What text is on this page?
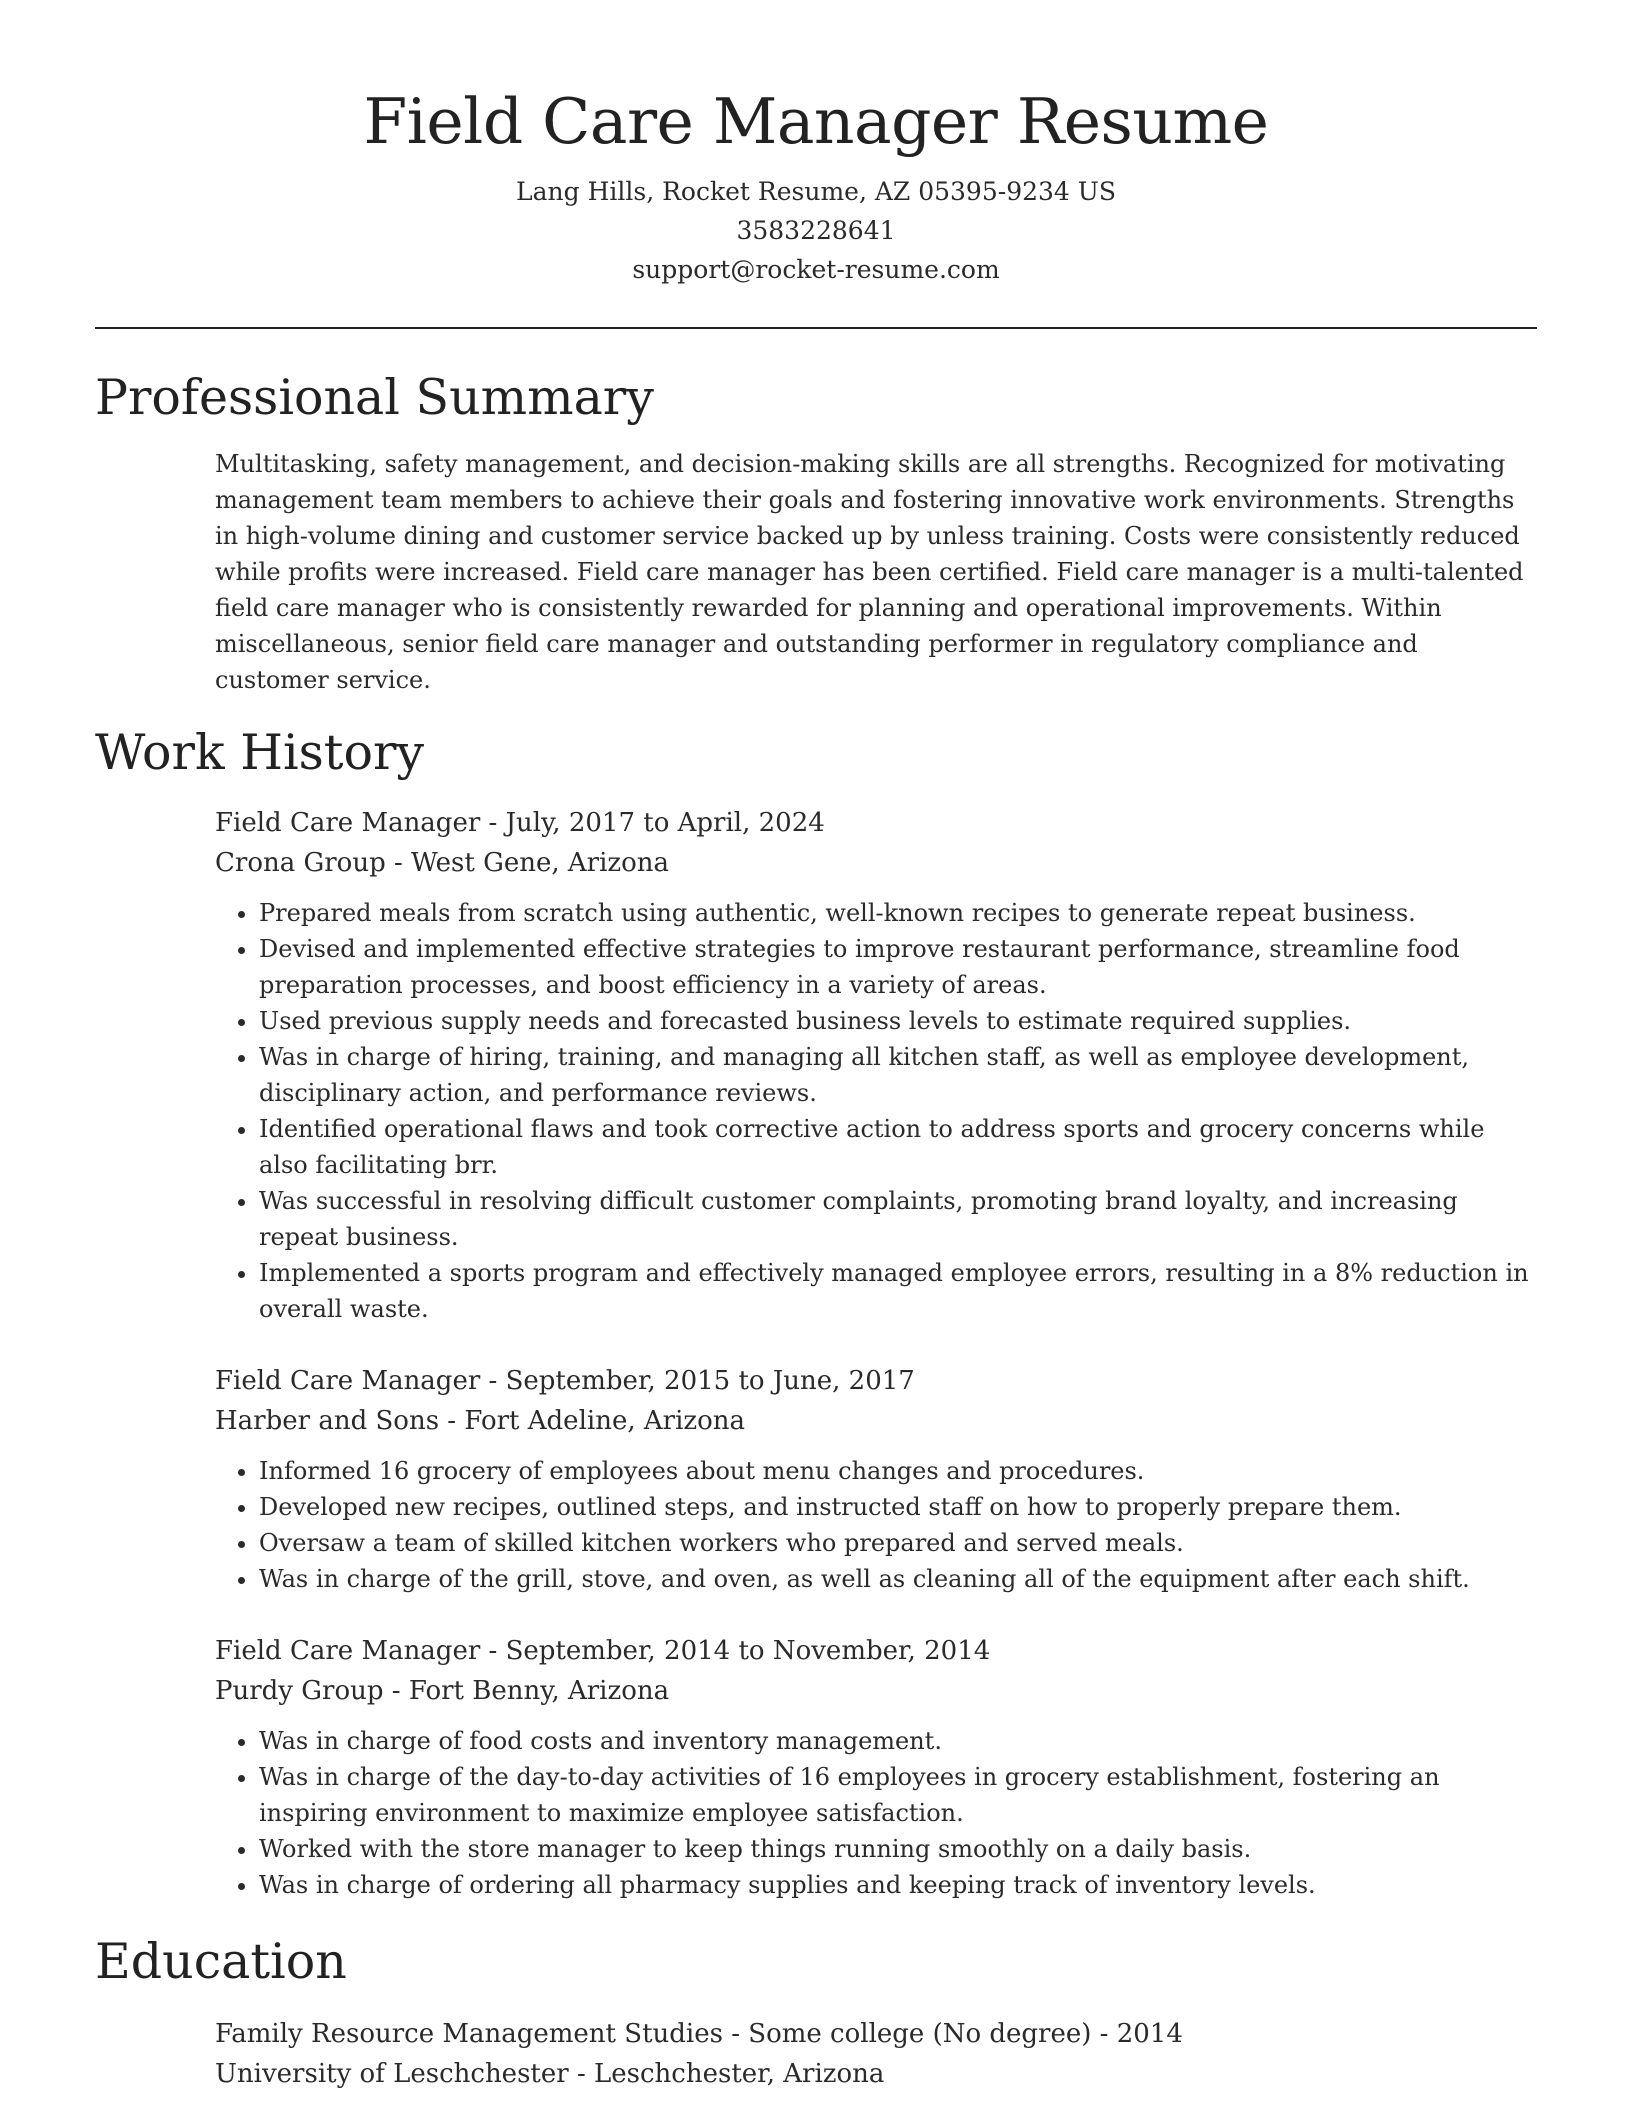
Field Care Manager Resume

Lang Hills, Rocket Resume, AZ 05395-9234 US

3583228641

support@rocket-resume.com

Professional Summary

Multitasking, safety management, and decision-making skills are all strengths. Recognized for motivating management team members to achieve their goals and fostering innovative work environments. Strengths in high-volume dining and customer service backed up by unless training. Costs were consistently reduced while profits were increased. Field care manager has been certified. Field care manager is a multi-talented field care manager who is consistently rewarded for planning and operational improvements. Within miscellaneous, senior field care manager and outstanding performer in regulatory compliance and customer service.

Work History

Field Care Manager - July, 2017 to April, 2024

Crona Group - West Gene, Arizona

• Prepared meals from scratch using authentic, well-known recipes to generate repeat business.
• Devised and implemented effective strategies to improve restaurant performance, streamline food preparation processes, and boost efficiency in a variety of areas.
• Used previous supply needs and forecasted business levels to estimate required supplies.
• Was in charge of hiring, training, and managing all kitchen staff, as well as employee development, disciplinary action, and performance reviews.
• Identified operational flaws and took corrective action to address sports and grocery concerns while also facilitating brr.
• Was successful in resolving difficult customer complaints, promoting brand loyalty, and increasing repeat business.
• Implemented a sports program and effectively managed employee errors, resulting in a 8% reduction in overall waste.

Field Care Manager - September, 2015 to June, 2017

Harber and Sons - Fort Adeline, Arizona

• Informed 16 grocery of employees about menu changes and procedures.
• Developed new recipes, outlined steps, and instructed staff on how to properly prepare them.
• Oversaw a team of skilled kitchen workers who prepared and served meals.
• Was in charge of the grill, stove, and oven, as well as cleaning all of the equipment after each shift.

Field Care Manager - September, 2014 to November, 2014

Purdy Group - Fort Benny, Arizona

• Was in charge of food costs and inventory management.
• Was in charge of the day-to-day activities of 16 employees in grocery establishment, fostering an inspiring environment to maximize employee satisfaction.
• Worked with the store manager to keep things running smoothly on a daily basis.
• Was in charge of ordering all pharmacy supplies and keeping track of inventory levels.
Education

Family Resource Management Studies - Some college (No degree) - 2014

University of Leschchester - Leschchester, Arizona
